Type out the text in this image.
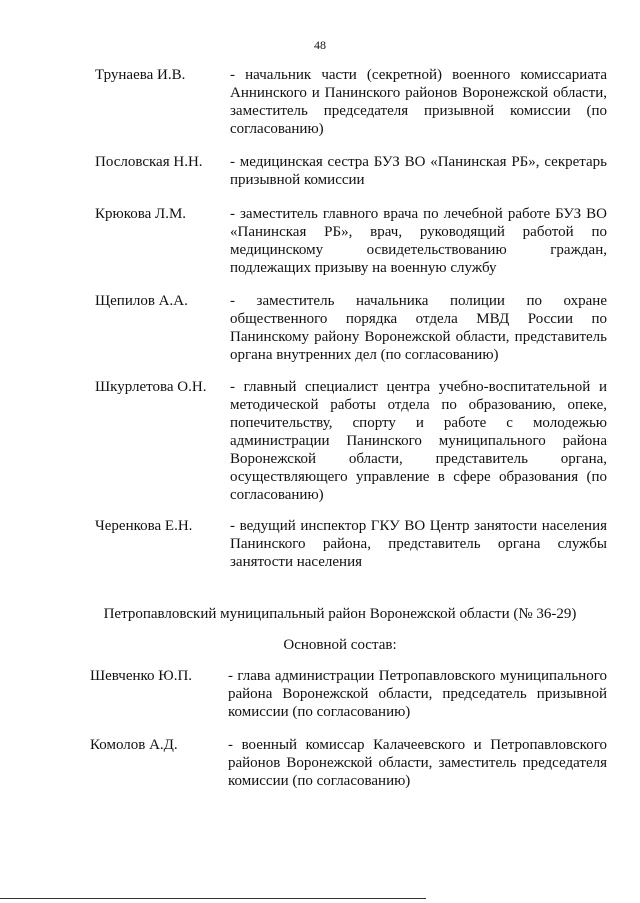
48
Трунаева И.В.	- начальник части (секретной) военного комиссариата Аннинского и Панинского районов Воронежской области, заместитель председателя призывной комиссии (по согласованию)
Пословская Н.Н. - медицинская сестра БУЗ ВО «Панинская РБ», секретарь призывной комиссии
Крюкова Л.М.	- заместитель главного врача по лечебной работе БУЗ ВО «Панинская РБ», врач, руководящий работой по медицинскому освидетельствованию граждан, подлежащих призыву на военную службу
Щепилов А.А.	- заместитель начальника полиции по охране общественного порядка отдела МВД России по Панинскому району Воронежской области, представитель органа внутренних дел (по согласованию)
Шкурлетова О.Н. - главный специалист центра учебно-воспитательной и методической работы отдела по образованию, опеке, попечительству, спорту и работе с молодежью администрации Панинского муниципального района Воронежской области, представитель органа, осуществляющего управление в сфере образования (по согласованию)
Черенкова Е.Н.	- ведущий инспектор ГКУ ВО Центр занятости населения Панинского района, представитель органа службы занятости населения
Петропавловский муниципальный район Воронежской области (№ 36-29)
Основной состав:
Шевченко Ю.П. - глава администрации Петропавловского муниципального района Воронежской области, председатель призывной комиссии (по согласованию)
Комолов А.Д.	- военный комиссар Калачеевского и Петропавловского районов Воронежской области, заместитель председателя комиссии (по согласованию)
